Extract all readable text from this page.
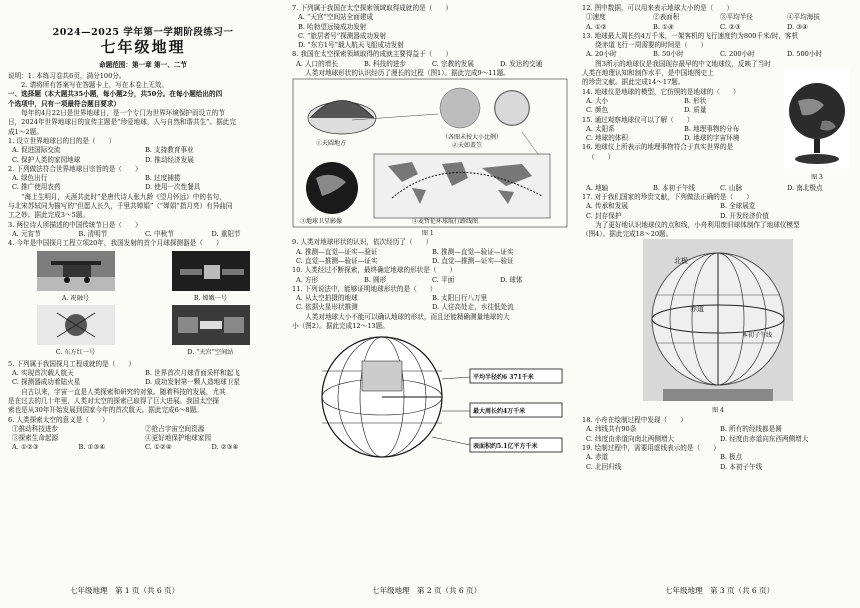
2024—2025 学年第一学期阶段练习一

七年级地理

命题范围：第一章 第一、二节

说明：1. 本练习卷共6页，满分100分。

　　2. 请将所有答案写在答题卡上，写在本卷上无效。

一、选择题（本大题共35小题，每小题2分，共50分。在每小题给出的四

个选项中，只有一项最符合题目要求）

　　每年的4月22日是世界地球日，是一个专门为世界环境保护而设立的节

日，2024年世界地球日的宣传主题是“珍爱地球，人与自然和谐共生”。据此完

成1～2题。

1. 设立世界地球日的目的是（　　）

A. 促进国际交流	B. 支持教育事业
C. 保护人类的家园地球	D. 推动经济发展

2. 下列做法符合世界地球日宗旨的是（　　）

A. 绿色出行	B. 过度捕捞
C. 推广使用农药	D. 使用一次性餐具

　　“海上生明月，天涯共此时”是唐代诗人张九龄《望月怀远》中的名句，

与北宋苏轼同为描写的“但愿人长久，千里共婵娟”（“婵娟”指月亮）有异曲同

工之妙。据此完成3～5题。

3. 两位诗人所描述的中国传统节日是（　　）

A. 元宵节	B. 清明节	C. 中秋节	D. 重阳节

4. 今年是中国探月工程立项20年，我国发射的首个月球探测器是（　　）

A. 祝融号	B. 嫦娥一号
C. 东方红一号	D. “天宫”空间站

5. 下列属于我国探月工程成就的是（　　）

A. 实现首次载人航天	B. 世界首次月球背面采样和起飞
C. 探测器成功着陆火星	D. 成功发射第一颗人造地球卫星

　　自古以来，宇宙一直是人类探索和研究的对象。随着科技的发展，尤其

是在过去的几十年里，人类对太空的探索已取得了巨大进展。我国太空探

索也是从30年开始发展到国家今年的首次航天。据此完成6～8题。

6. 人类探索太空的意义是（　　）

①推动科技进步	②抢占宇宙空间资源
③探索生命起源	④更好地保护地球家园
A. ①②③	B. ①③④	C. ①②④	D. ②③④

7. 下列属于我国在太空探索领域取得成就的是（　　）

A. “天宫”空间站全面建成

B. 哈勃望远镜成功发射

C. “旅居者号”探测器成功发射

D. “东方1号”载人航天飞船成功发射

8. 我国在太空探索领域取得的成就主要得益于（　　）

A. 人口的增长	B. 科技的进步	C. 宗教的发展	D. 发达的交通

　　人类对地球形状的认识经历了漫长的过程（图1）。据此完成9～11题。

①天圆地方
（各图未按大小比例）
②天如盖笠
③地球卫星影像	④麦哲伦环球航行路线图
图 1

9. 人类对地球形状的认识，依次经历了（　　）

A. 推测—直觉—证实—验证	B. 推测—直觉—验证—证实
C. 直觉—推测—验证—证实	D. 直觉—推测—证实—验证

10. 人类经过不断探索，最终确定地球的形状是（　　）

A. 方形	B. 圆形	C. 平面	D. 球体

11. 下列说法中，能够证明地球形状的是（　　）

A. 从太空拍摄的地球	B. 太阳日行八万里
C. 依据火星形状推测	D. 人往高处走，水往低处流

　　人类对地球大小不能可以确认地球的形状，而且还能精确测量地球的大

小（图2）。据此完成12～13题。

平均半径约6 371千米
最大周长约4万千米
表面积约5.1亿平方千米

12. 图中数据，可以用来表示地球大小的是（　　）

①速度	②表面积	③平均半径	④平均海拔
A. ①②	B. ①④	C. ②③	D. ③④

13. 地球最大周长约4万千米，一架客机的飞行速度约为800千米/时，客机

　　绕赤道飞行一周需要的时间是（　　）

A. 20小时	B. 50小时	C. 200小时	D. 500小时

　　图3所示的地球仪是我国现存最早的中文地球仪，反映了当时

人类在地理认知和制作水平，是中国地图史上

的珍贵文献。据此完成14～17题。

14. 地球仪是地球的模型，它仿照的是地球的（　　）

A. 大小	B. 形状
C. 颜色	D. 质量

15. 通过观察地球仪可以了解（　　）

A. 太阳系	B. 地理事物的分布
C. 地球的体积	D. 地球的宇宙环境

16. 地球仪上所表示的地理事物符合于真实世界的是

（　　）

图 3
A. 地轴	B. 本初子午线	C. 山脉	D. 南北极点

17. 对于我们国家的珍贵文献，下列做法正确的是（　　）

A. 传承和发展	B. 全球展览
C. 封存保护	D. 开发经济价值

　　为了更好地认识地球仪的点和线，小舟利用废旧球体制作了地球仪模型

（图4）。据此完成18～20题。

北极
赤道
本初子午线
图 4

18. 小舟在绘制过程中发现（　　）

A. 纬线共有90条	B. 所有的经线都是圆
C. 纬度由赤道向南北两侧增大	D. 经度由赤道向东西两侧增大

19. 绘制过程中，需要用虚线表示的是（　　）

A. 赤道	B. 极点
C. 北回归线	D. 本初子午线
七年级地理　第 1 页（共 6 页）	七年级地理　第 2 页（共 6 页）	七年级地理　第 3 页（共 6 页）
